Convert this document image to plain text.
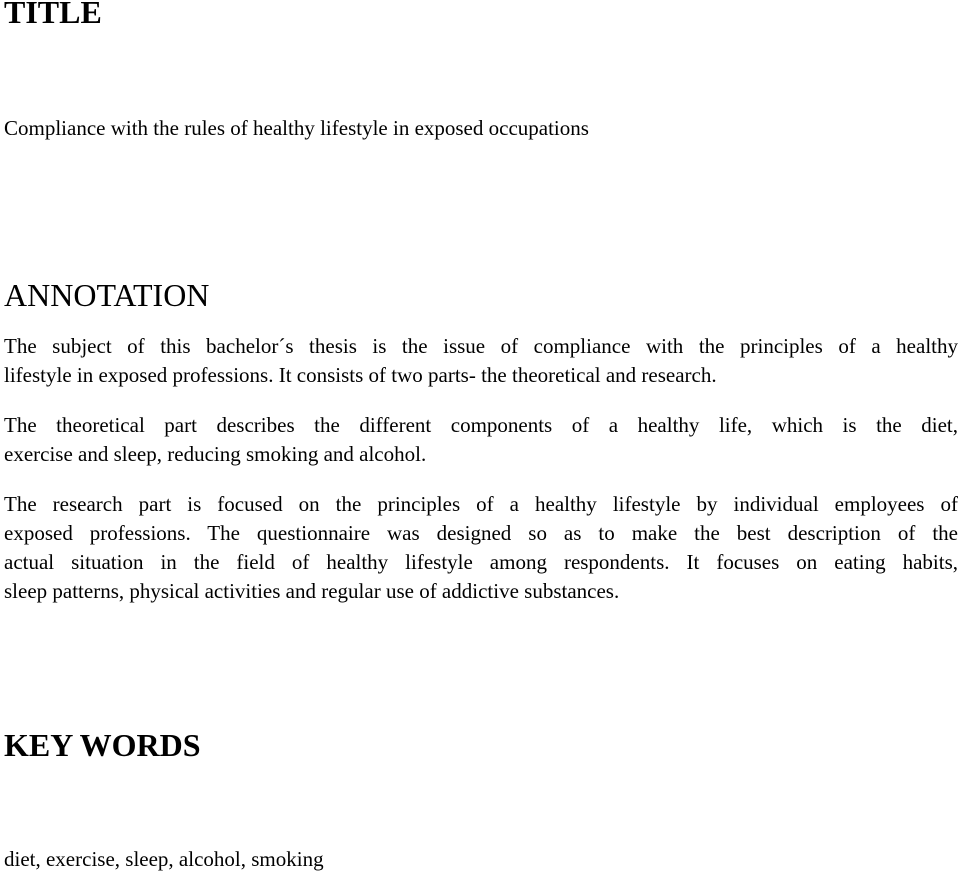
TITLE

Compliance with the rules of healthy lifestyle in exposed occupations

ANNOTATION
The subject of this bachelor´s thesis is the issue of compliance with the principles of a healthy
lifestyle in exposed professions. It consists of two parts- the theoretical and research.
The theoretical part describes the different components of a healthy life, which is the diet,
exercise and sleep, reducing smoking and alcohol.
The research part is focused on the principles of a healthy lifestyle by individual employees of
exposed professions. The questionnaire was designed so as to make the best description of the
actual situation in the field of healthy lifestyle among respondents. It focuses on eating habits,
sleep patterns, physical activities and regular use of addictive substances.
KEY WORDS

diet, exercise, sleep, alcohol, smoking
